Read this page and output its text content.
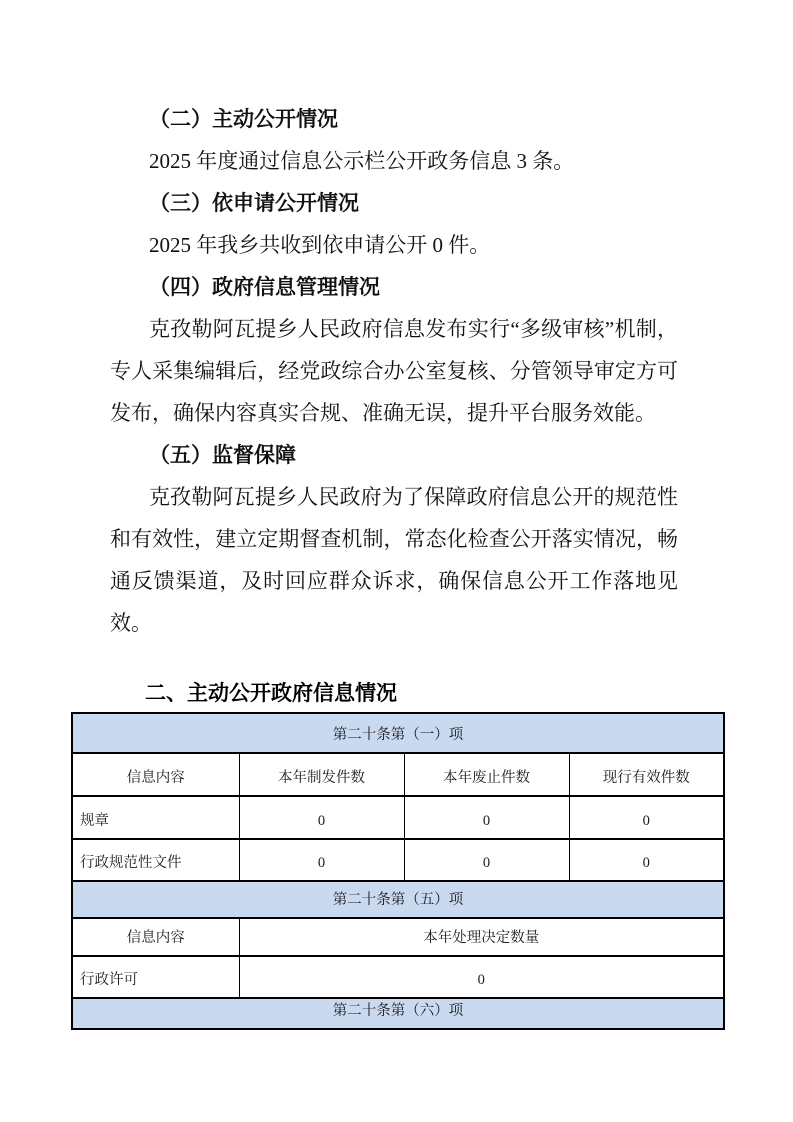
（二）主动公开情况

2025 年度通过信息公示栏公开政务信息 3 条。

（三）依申请公开情况

2025 年我乡共收到依申请公开 0 件。

（四）政府信息管理情况

克孜勒阿瓦提乡人民政府信息发布实行“多级审核”机制，专人采集编辑后，经党政综合办公室复核、分管领导审定方可发布，确保内容真实合规、准确无误，提升平台服务效能。

（五）监督保障

克孜勒阿瓦提乡人民政府为了保障政府信息公开的规范性和有效性，建立定期督查机制，常态化检查公开落实情况，畅通反馈渠道，及时回应群众诉求，确保信息公开工作落地见效。

二、主动公开政府信息情况

第二十条第（一）项			
信息内容	本年制发件数	本年废止件数	现行有效件数
规章	0	0	0
行政规范性文件	0	0	0
第二十条第（五）项			
信息内容	本年处理决定数量		
行政许可	0		
第二十条第（六）项			
